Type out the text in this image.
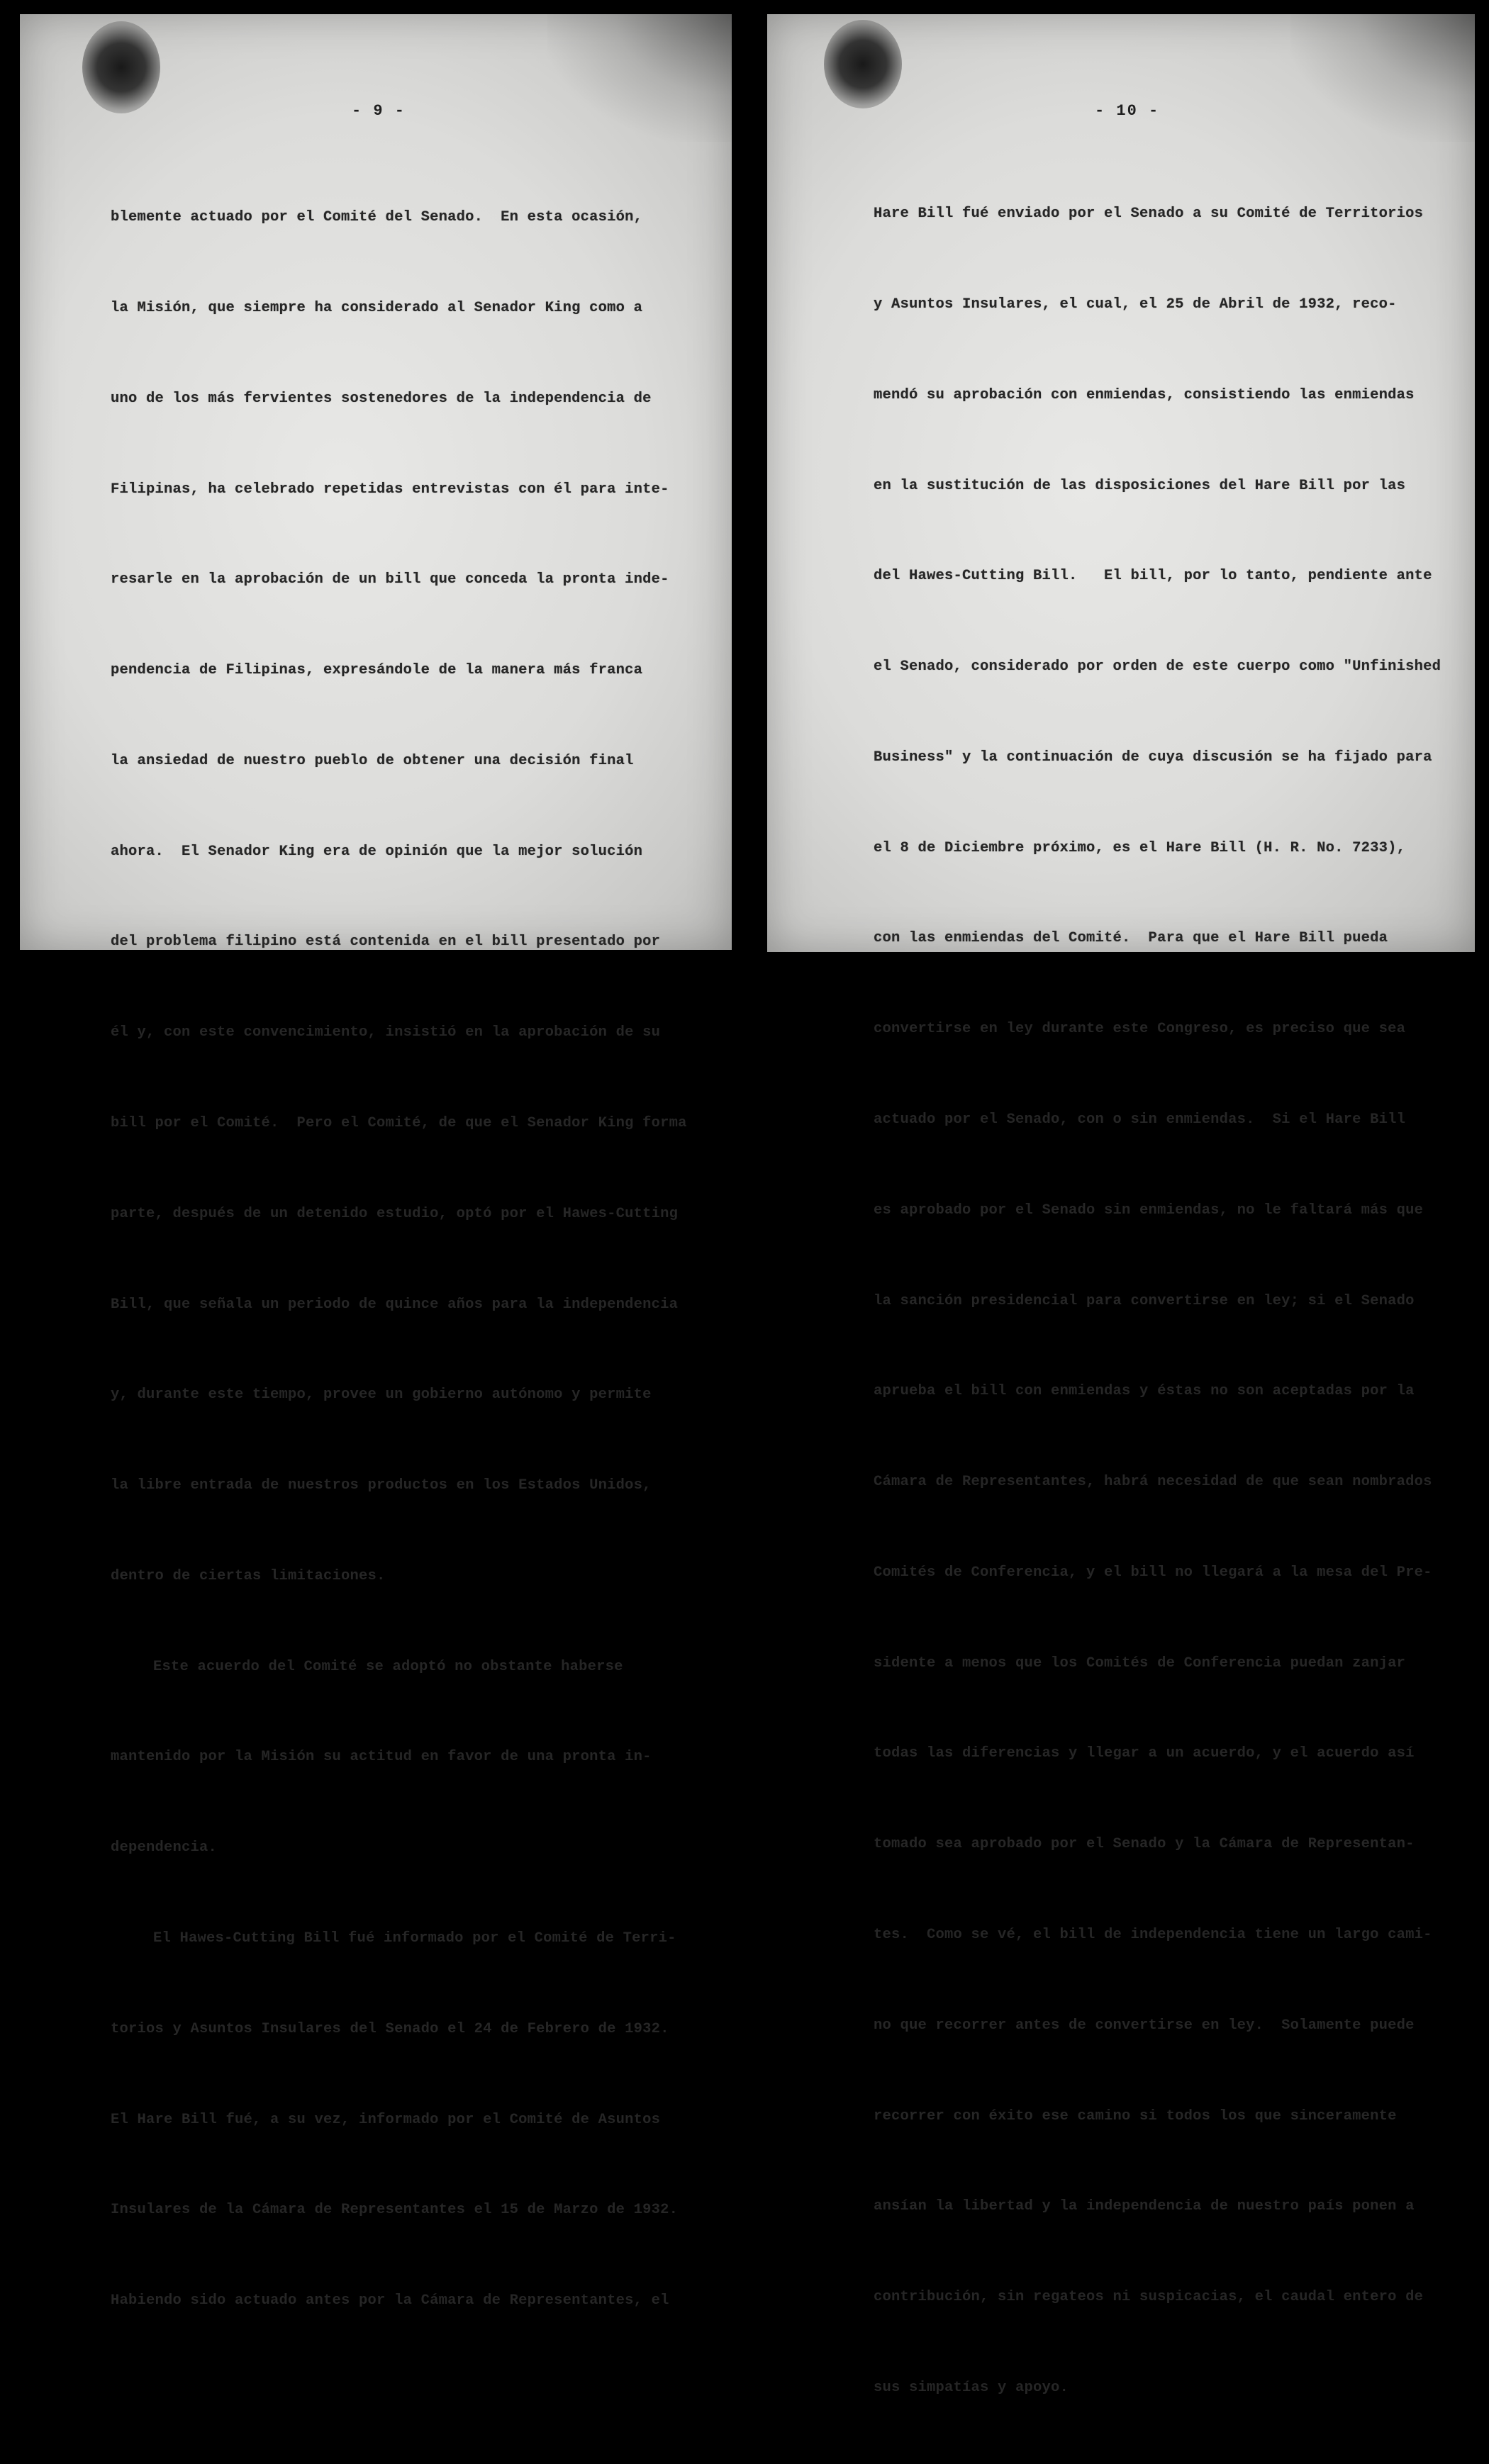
- 9 -

blemente actuado por el Comité del Senado.  En esta ocasión,

la Misión, que siempre ha considerado al Senador King como a

uno de los más fervientes sostenedores de la independencia de

Filipinas, ha celebrado repetidas entrevistas con él para inte-

resarle en la aprobación de un bill que conceda la pronta inde-

pendencia de Filipinas, expresándole de la manera más franca

la ansiedad de nuestro pueblo de obtener una decisión final

ahora.  El Senador King era de opinión que la mejor solución

del problema filipino está contenida en el bill presentado por

él y, con este convencimiento, insistió en la aprobación de su

bill por el Comité.  Pero el Comité, de que el Senador King forma

parte, después de un detenido estudio, optó por el Hawes-Cutting

Bill, que señala un periodo de quince años para la independencia

y, durante este tiempo, provee un gobierno autónomo y permite

la libre entrada de nuestros productos en los Estados Unidos,

dentro de ciertas limitaciones.

Este acuerdo del Comité se adoptó no obstante haberse

mantenido por la Misión su actitud en favor de una pronta in-

dependencia.

El Hawes-Cutting Bill fué informado por el Comité de Terri-

torios y Asuntos Insulares del Senado el 24 de Febrero de 1932.

El Hare Bill fué, a su vez, informado por el Comité de Asuntos

Insulares de la Cámara de Representantes el 15 de Marzo de 1932.

Habiendo sido actuado antes por la Cámara de Representantes, el

- 10 -

Hare Bill fué enviado por el Senado a su Comité de Territorios

y Asuntos Insulares, el cual, el 25 de Abril de 1932, reco-

mendó su aprobación con enmiendas, consistiendo las enmiendas

en la sustitución de las disposiciones del Hare Bill por las

del Hawes-Cutting Bill.   El bill, por lo tanto, pendiente ante

el Senado, considerado por orden de este cuerpo como "Unfinished

Business" y la continuación de cuya discusión se ha fijado para

el 8 de Diciembre próximo, es el Hare Bill (H. R. No. 7233),

con las enmiendas del Comité.  Para que el Hare Bill pueda

convertirse en ley durante este Congreso, es preciso que sea

actuado por el Senado, con o sin enmiendas.  Si el Hare Bill

es aprobado por el Senado sin enmiendas, no le faltará más que

la sanción presidencial para convertirse en ley; si el Senado

aprueba el bill con enmiendas y éstas no son aceptadas por la

Cámara de Representantes, habrá necesidad de que sean nombrados

Comités de Conferencia, y el bill no llegará a la mesa del Pre-

sidente a menos que los Comités de Conferencia puedan zanjar

todas las diferencias y llegar a un acuerdo, y el acuerdo así

tomado sea aprobado por el Senado y la Cámara de Representan-

tes.  Como se vé, el bill de independencia tiene un largo cami-

no que recorrer antes de convertirse en ley.  Solamente puede

recorrer con éxito ese camino si todos los que sinceramente

ansían la libertad y la independencia de nuestro país ponen a

contribución, sin regateos ni suspicacias, el caudal entero de

sus simpatías y apoyo.
